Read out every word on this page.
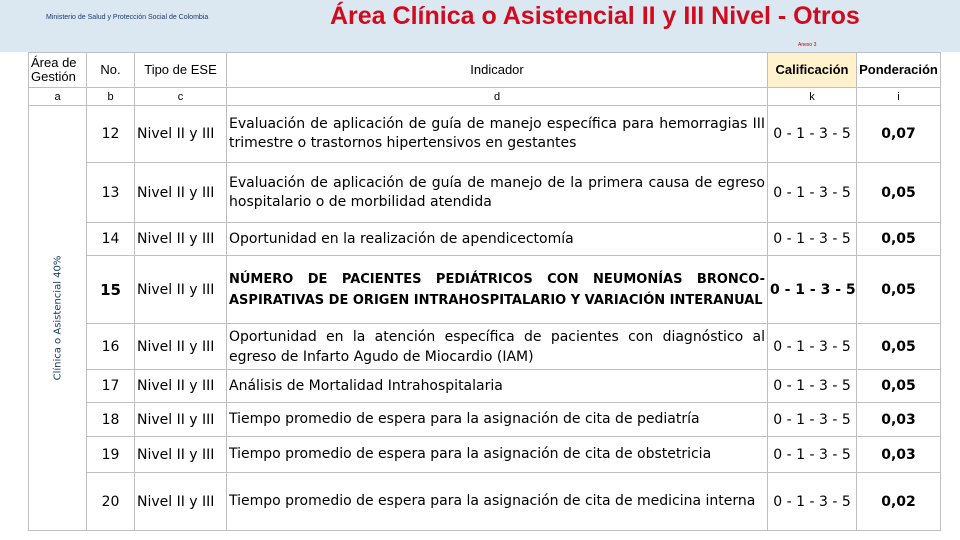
Ministerio de Salud y Protección Social de Colombia	Área Clínica o Asistencial II y III Nivel - Otros
Anexo 3
Área de Gestión	No.	Tipo de ESE	Indicador	Calificación	Ponderación
a	b	c	d	k	i

Clínica o Asistencial 40%	12	Nivel II y III	Evaluación de aplicación de guía de manejo específica para hemorragias III trimestre o trastornos hipertensivos en gestantes	0 - 1 - 3 - 5	0,07
	13	Nivel II y III	Evaluación de aplicación de guía de manejo de la primera causa de egreso hospitalario o de morbilidad atendida	0 - 1 - 3 - 5	0,05
	14	Nivel II y III	Oportunidad en la realización de apendicectomía	0 - 1 - 3 - 5	0,05
	15	Nivel II y III	NÚMERO DE PACIENTES PEDIÁTRICOS CON NEUMONÍAS BRONCO-ASPIRATIVAS DE ORIGEN INTRAHOSPITALARIO Y VARIACIÓN INTERANUAL	0 - 1 - 3 - 5	0,05
	16	Nivel II y III	Oportunidad en la atención específica de pacientes con diagnóstico al egreso de Infarto Agudo de Miocardio (IAM)	0 - 1 - 3 - 5	0,05
	17	Nivel II y III	Análisis de Mortalidad Intrahospitalaria	0 - 1 - 3 - 5	0,05
	18	Nivel II y III	Tiempo promedio de espera para la asignación de cita de pediatría	0 - 1 - 3 - 5	0,03
	19	Nivel II y III	Tiempo promedio de espera para la asignación de cita de obstetricia	0 - 1 - 3 - 5	0,03
	20	Nivel II y III	Tiempo promedio de espera para la asignación de cita de medicina interna	0 - 1 - 3 - 5	0,02
